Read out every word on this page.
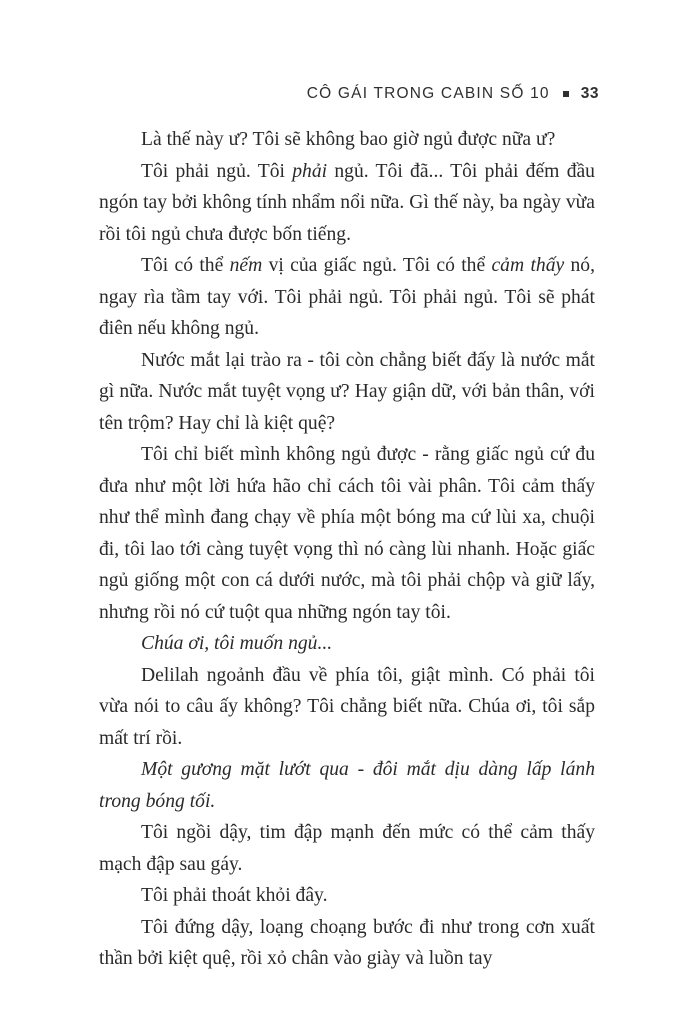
CÔ GÁI TRONG CABIN SỐ 10 33

Là thế này ư? Tôi sẽ không bao giờ ngủ được nữa ư?

Tôi phải ngủ. Tôi phải ngủ. Tôi đã... Tôi phải đếm đầu ngón tay bởi không tính nhẩm nổi nữa. Gì thế này, ba ngày vừa rồi tôi ngủ chưa được bốn tiếng.

Tôi có thể nếm vị của giấc ngủ. Tôi có thể cảm thấy nó, ngay rìa tầm tay với. Tôi phải ngủ. Tôi phải ngủ. Tôi sẽ phát điên nếu không ngủ.

Nước mắt lại trào ra - tôi còn chẳng biết đấy là nước mắt gì nữa. Nước mắt tuyệt vọng ư? Hay giận dữ, với bản thân, với tên trộm? Hay chỉ là kiệt quệ?

Tôi chỉ biết mình không ngủ được - rằng giấc ngủ cứ đu đưa như một lời hứa hão chỉ cách tôi vài phân. Tôi cảm thấy như thể mình đang chạy về phía một bóng ma cứ lùi xa, chuội đi, tôi lao tới càng tuyệt vọng thì nó càng lùi nhanh. Hoặc giấc ngủ giống một con cá dưới nước, mà tôi phải chộp và giữ lấy, nhưng rồi nó cứ tuột qua những ngón tay tôi.

Chúa ơi, tôi muốn ngủ...

Delilah ngoảnh đầu về phía tôi, giật mình. Có phải tôi vừa nói to câu ấy không? Tôi chẳng biết nữa. Chúa ơi, tôi sắp mất trí rồi.

Một gương mặt lướt qua - đôi mắt dịu dàng lấp lánh trong bóng tối.

Tôi ngồi dậy, tim đập mạnh đến mức có thể cảm thấy mạch đập sau gáy.

Tôi phải thoát khỏi đây.

Tôi đứng dậy, loạng choạng bước đi như trong cơn xuất thần bởi kiệt quệ, rồi xỏ chân vào giày và luồn tay
